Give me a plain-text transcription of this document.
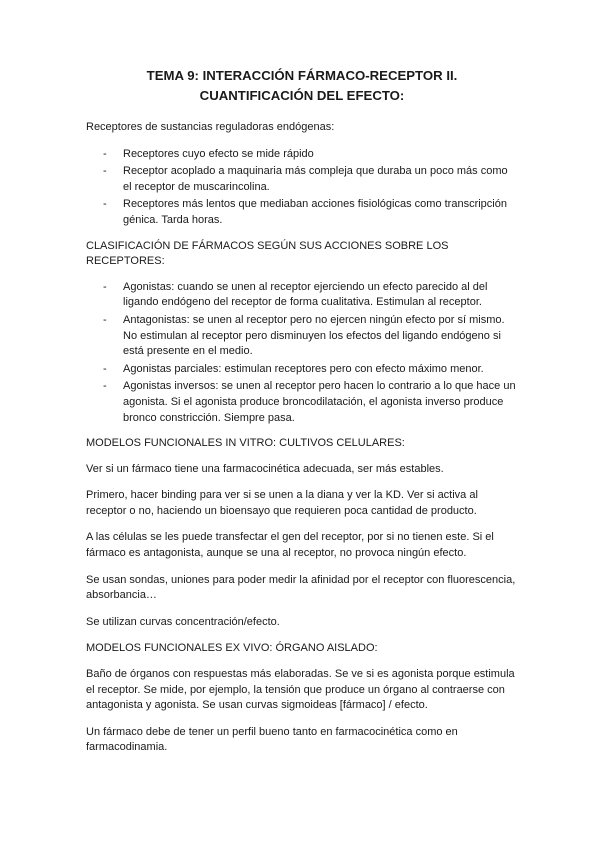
TEMA 9: INTERACCIÓN FÁRMACO-RECEPTOR II.
CUANTIFICACIÓN DEL EFECTO:

Receptores de sustancias reguladoras endógenas:

- Receptores cuyo efecto se mide rápido
- Receptor acoplado a maquinaria más compleja que duraba un poco más como el receptor de muscarincolina.
- Receptores más lentos que mediaban acciones fisiológicas como transcripción génica. Tarda horas.

CLASIFICACIÓN DE FÁRMACOS SEGÚN SUS ACCIONES SOBRE LOS RECEPTORES:

- Agonistas: cuando se unen al receptor ejerciendo un efecto parecido al del ligando endógeno del receptor de forma cualitativa. Estimulan al receptor.
- Antagonistas: se unen al receptor pero no ejercen ningún efecto por sí mismo. No estimulan al receptor pero disminuyen los efectos del ligando endógeno si está presente en el medio.
- Agonistas parciales: estimulan receptores pero con efecto máximo menor.
- Agonistas inversos: se unen al receptor pero hacen lo contrario a lo que hace un agonista. Si el agonista produce broncodilatación, el agonista inverso produce bronco constricción. Siempre pasa.

MODELOS FUNCIONALES IN VITRO: CULTIVOS CELULARES:

Ver si un fármaco tiene una farmacocinética adecuada, ser más estables.

Primero, hacer binding para ver si se unen a la diana y ver la KD. Ver si activa al receptor o no, haciendo un bioensayo que requieren poca cantidad de producto.

A las células se les puede transfectar el gen del receptor, por si no tienen este. Si el fármaco es antagonista, aunque se una al receptor, no provoca ningún efecto.

Se usan sondas, uniones para poder medir la afinidad por el receptor con fluorescencia, absorbancia…

Se utilizan curvas concentración/efecto.

MODELOS FUNCIONALES EX VIVO: ÓRGANO AISLADO:

Baño de órganos con respuestas más elaboradas. Se ve si es agonista porque estimula el receptor. Se mide, por ejemplo, la tensión que produce un órgano al contraerse con antagonista y agonista. Se usan curvas sigmoideas [fármaco] / efecto.

Un fármaco debe de tener un perfil bueno tanto en farmacocinética como en farmacodinamia.
